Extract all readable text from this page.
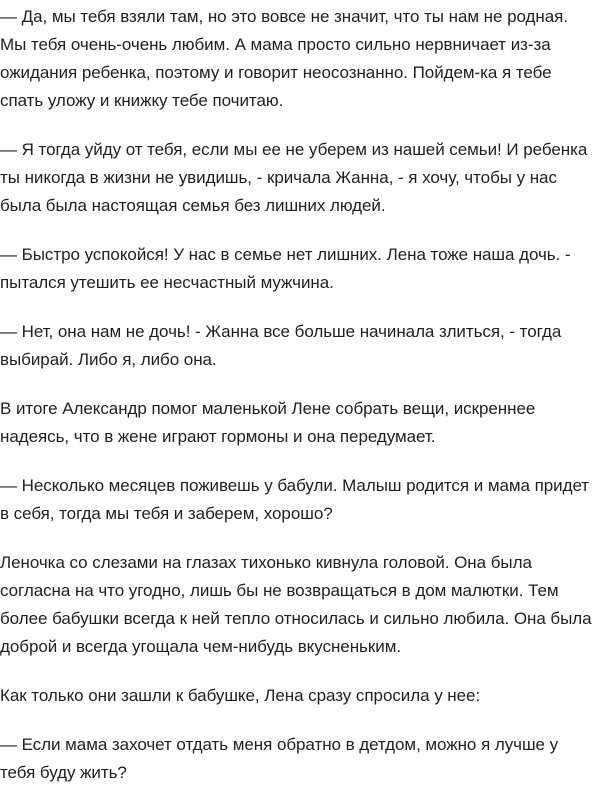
— Да, мы тебя взяли там, но это вовсе не значит, что ты нам не родная. Мы тебя очень-очень любим. А мама просто сильно нервничает из-за ожидания ребенка, поэтому и говорит неосознанно. Пойдем-ка я тебе спать уложу и книжку тебе почитаю.

— Я тогда уйду от тебя, если мы ее не уберем из нашей семьи! И ребенка ты никогда в жизни не увидишь, - кричала Жанна, - я хочу, чтобы у нас была была настоящая семья без лишних людей.

— Быстро успокойся! У нас в семье нет лишних. Лена тоже наша дочь. - пытался утешить ее несчастный мужчина.

— Нет, она нам не дочь! - Жанна все больше начинала злиться, - тогда выбирай. Либо я, либо она.

В итоге Александр помог маленькой Лене собрать вещи, искреннее надеясь, что в жене играют гормоны и она передумает.

— Несколько месяцев поживешь у бабули. Малыш родится и мама придет в себя, тогда мы тебя и заберем, хорошо?

Леночка со слезами на глазах тихонько кивнула головой. Она была согласна на что угодно, лишь бы не возвращаться в дом малютки. Тем более бабушки всегда к ней тепло относилась и сильно любила. Она была доброй и всегда угощала чем-нибудь вкусненьким.

Как только они зашли к бабушке, Лена сразу спросила у нее:

— Если мама захочет отдать меня обратно в детдом, можно я лучше у тебя буду жить?
